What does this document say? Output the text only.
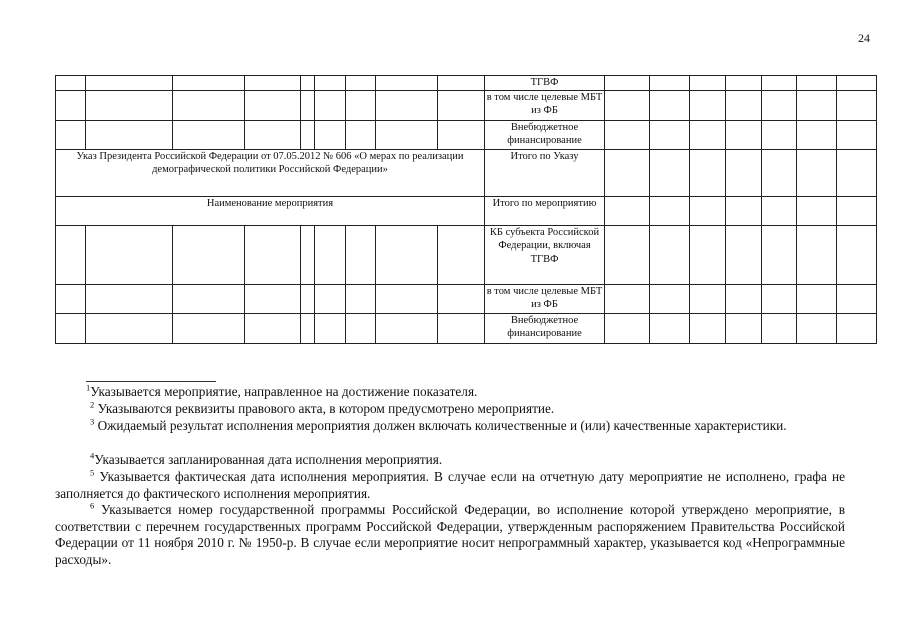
24
									ТГВФ							
									в том числе целевые МБТ из ФБ							
									Внебюджетное финансирование							
Указ Президента Российской Федерации от 07.05.2012 № 606 «О мерах по реализации демографической политики Российской Федерации»									Итого по Указу							
Наименование мероприятия									Итого по мероприятию							
									КБ субъекта Российской Федерации, включая ТГВФ							
									в том числе целевые МБТ из ФБ							
									Внебюджетное финансирование							
$^1$Указывается мероприятие, направленное на достижение показателя.
$^2$ Указываются реквизиты правового акта, в котором предусмотрено мероприятие.
$^3$ Ожидаемый результат исполнения мероприятия должен включать количественные и (или) качественные характеристики.
$^4$Указывается запланированная дата исполнения мероприятия.
$^5$ Указывается фактическая дата исполнения мероприятия. В случае если на отчетную дату мероприятие не исполнено, графа не заполняется до фактического исполнения мероприятия.
$^6$ Указывается номер государственной программы Российской Федерации, во исполнение которой утверждено мероприятие, в соответствии с перечнем государственных программ Российской Федерации, утвержденным распоряжением Правительства Российской Федерации от 11 ноября 2010 г. № 1950-р. В случае если мероприятие носит непрограммный характер, указывается код «Непрограммные расходы».
